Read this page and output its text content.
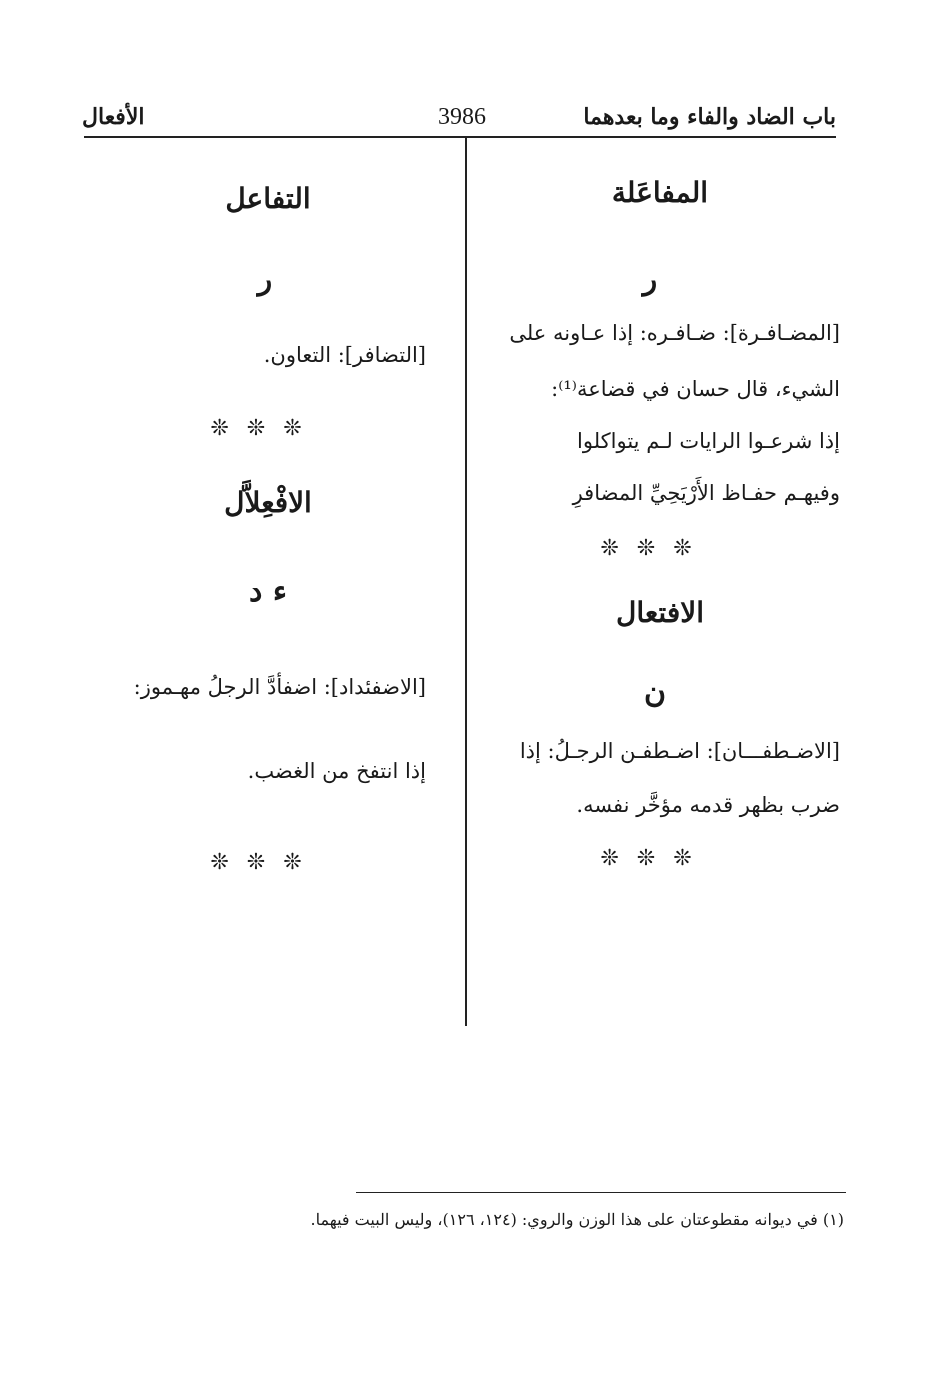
باب الضاد والفاء وما بعدهما
3986
الأفعال
المفاعَلة
ر
[المضـافـرة]: ضـافـره: إذا عـاونه على
الشيء، قال حسان في قضاعة⁽¹⁾:
إذا شرعـوا الرايات لـم يتواكلوا
وفيهـم حفـاظ الأَرْيَحِيِّ المضافرِ
❊❊❊
الافتعال
ن
[الاضـطفـــان]: اضـطفـن الرجـلُ: إذا
ضرب بظهر قدمه مؤخَّر نفسه.
❊❊❊
التفاعل
ر
[التضافر]: التعاون.
❊❊❊
الافْعِلاَّل
ء د
[الاضفئداد]: اضفأدَّ الرجلُ مهـموز:
إذا انتفخ من الغضب.
❊❊❊
(١) في ديوانه مقطوعتان على هذا الوزن والروي: (١٢٤، ١٢٦)، وليس البيت فيهما.
